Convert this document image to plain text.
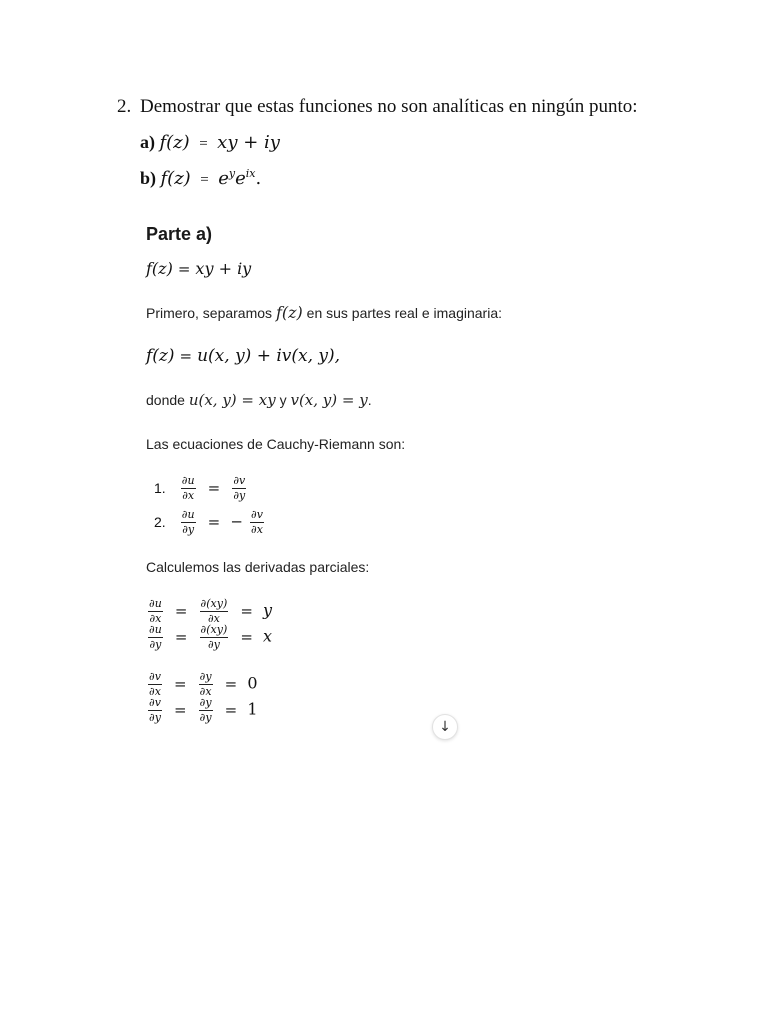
2. Demostrar que estas funciones no son analíticas en ningún punto:
a) f(z) = xy + iy
b) $f(z) = e^ye^{ix}$.
Parte a)
f(z) = xy + iy
Primero, separamos f(z) en sus partes real e imaginaria:
f(z) = u(x, y) + iv(x, y),
donde u(x, y) = xy y v(x, y) = y.
Las ecuaciones de Cauchy-Riemann son:
1. $\frac{\partial u}{\partial x} = \frac{\partial v}{\partial y}$
2. $\frac{\partial u}{\partial y}$ = − $\frac{\partial v}{\partial x}$
Calculemos las derivadas parciales:
$\frac{\partial u}{\partial x} = \frac{\partial(xy)}{\partial x} = y$
$\frac{\partial u}{\partial y} = \frac{\partial(xy)}{\partial y} = x$
$\frac{\partial v}{\partial x} = \frac{\partial y}{\partial x} = 0$
$\frac{\partial v}{\partial y} = \frac{\partial y}{\partial y} = 1$
↓
